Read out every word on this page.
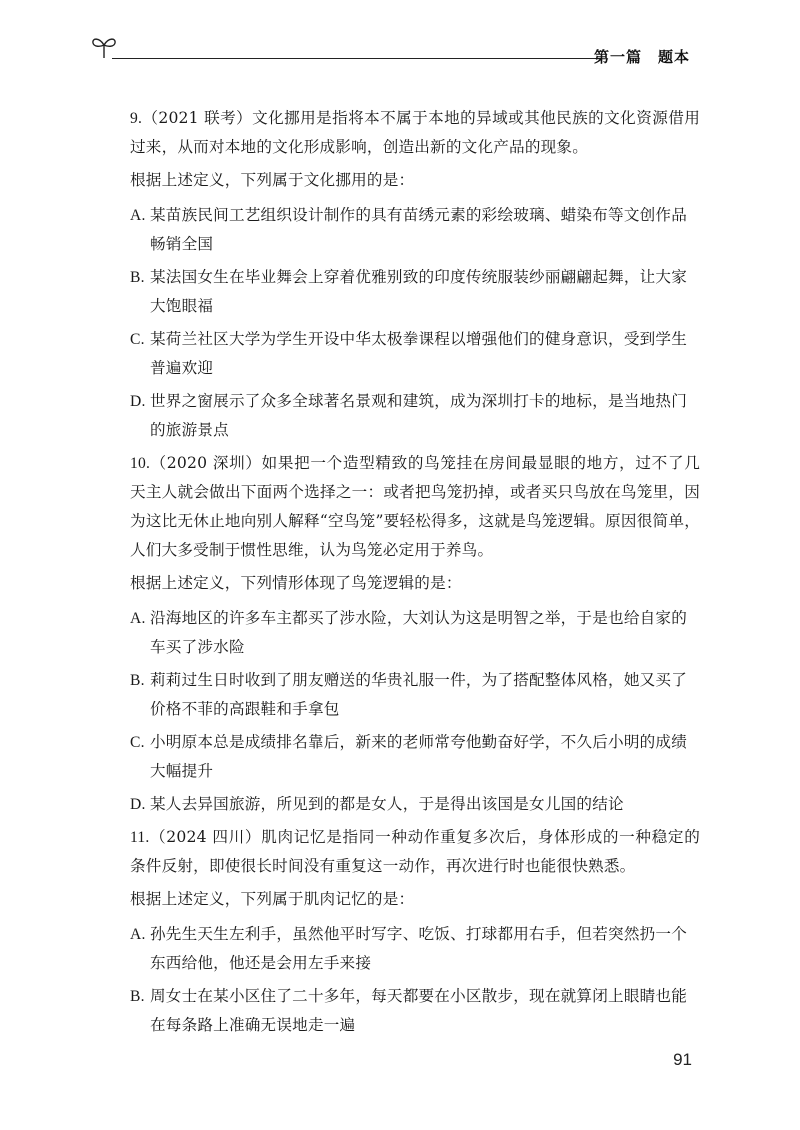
第一篇　题本

9.（2021 联考）文化挪用是指将本不属于本地的异域或其他民族的文化资源借用过来，从而对本地的文化形成影响，创造出新的文化产品的现象。

根据上述定义，下列属于文化挪用的是：

A. 某苗族民间工艺组织设计制作的具有苗绣元素的彩绘玻璃、蜡染布等文创作品畅销全国
B. 某法国女生在毕业舞会上穿着优雅别致的印度传统服装纱丽翩翩起舞，让大家大饱眼福
C. 某荷兰社区大学为学生开设中华太极拳课程以增强他们的健身意识，受到学生普遍欢迎
D. 世界之窗展示了众多全球著名景观和建筑，成为深圳打卡的地标，是当地热门的旅游景点

10.（2020 深圳）如果把一个造型精致的鸟笼挂在房间最显眼的地方，过不了几天主人就会做出下面两个选择之一：或者把鸟笼扔掉，或者买只鸟放在鸟笼里，因为这比无休止地向别人解释“空鸟笼”要轻松得多，这就是鸟笼逻辑。原因很简单，人们大多受制于惯性思维，认为鸟笼必定用于养鸟。

根据上述定义，下列情形体现了鸟笼逻辑的是：

A. 沿海地区的许多车主都买了涉水险，大刘认为这是明智之举，于是也给自家的车买了涉水险
B. 莉莉过生日时收到了朋友赠送的华贵礼服一件，为了搭配整体风格，她又买了价格不菲的高跟鞋和手拿包
C. 小明原本总是成绩排名靠后，新来的老师常夸他勤奋好学，不久后小明的成绩大幅提升
D. 某人去异国旅游，所见到的都是女人，于是得出该国是女儿国的结论

11.（2024 四川）肌肉记忆是指同一种动作重复多次后，身体形成的一种稳定的条件反射，即使很长时间没有重复这一动作，再次进行时也能很快熟悉。

根据上述定义，下列属于肌肉记忆的是：

A. 孙先生天生左利手，虽然他平时写字、吃饭、打球都用右手，但若突然扔一个东西给他，他还是会用左手来接
B. 周女士在某小区住了二十多年，每天都要在小区散步，现在就算闭上眼睛也能在每条路上准确无误地走一遍
91
